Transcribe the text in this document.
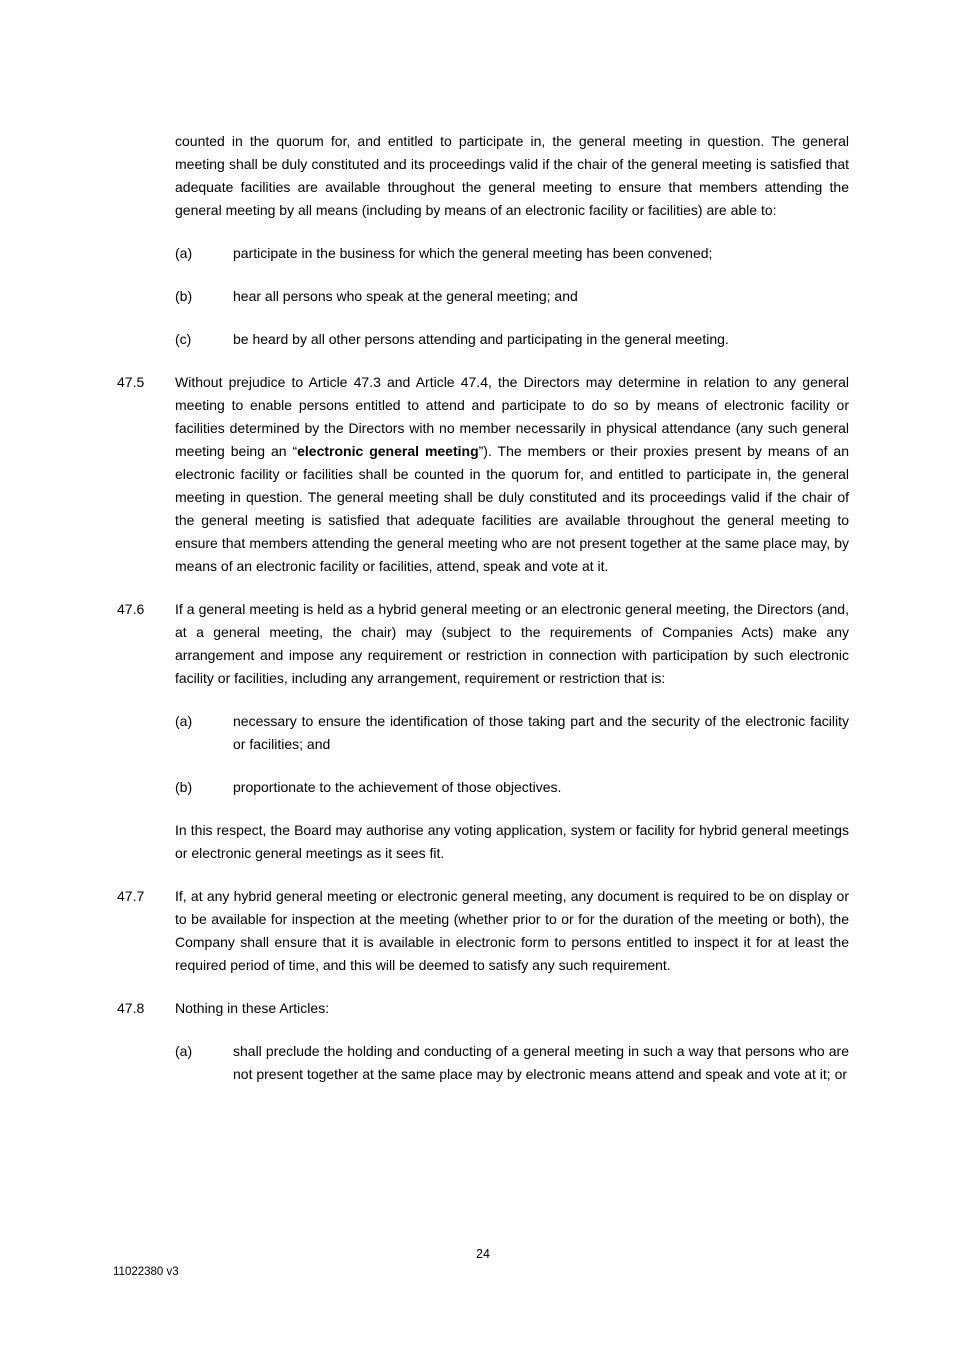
counted in the quorum for, and entitled to participate in, the general meeting in question. The general meeting shall be duly constituted and its proceedings valid if the chair of the general meeting is satisfied that adequate facilities are available throughout the general meeting to ensure that members attending the general meeting by all means (including by means of an electronic facility or facilities) are able to:
(a)	participate in the business for which the general meeting has been convened;
(b)	hear all persons who speak at the general meeting; and
(c)	be heard by all other persons attending and participating in the general meeting.
47.5	Without prejudice to Article 47.3 and Article 47.4, the Directors may determine in relation to any general meeting to enable persons entitled to attend and participate to do so by means of electronic facility or facilities determined by the Directors with no member necessarily in physical attendance (any such general meeting being an “electronic general meeting”). The members or their proxies present by means of an electronic facility or facilities shall be counted in the quorum for, and entitled to participate in, the general meeting in question. The general meeting shall be duly constituted and its proceedings valid if the chair of the general meeting is satisfied that adequate facilities are available throughout the general meeting to ensure that members attending the general meeting who are not present together at the same place may, by means of an electronic facility or facilities, attend, speak and vote at it.
47.6	If a general meeting is held as a hybrid general meeting or an electronic general meeting, the Directors (and, at a general meeting, the chair) may (subject to the requirements of Companies Acts) make any arrangement and impose any requirement or restriction in connection with participation by such electronic facility or facilities, including any arrangement, requirement or restriction that is:
(a)	necessary to ensure the identification of those taking part and the security of the electronic facility or facilities; and
(b)	proportionate to the achievement of those objectives.
In this respect, the Board may authorise any voting application, system or facility for hybrid general meetings or electronic general meetings as it sees fit.
47.7	If, at any hybrid general meeting or electronic general meeting, any document is required to be on display or to be available for inspection at the meeting (whether prior to or for the duration of the meeting or both), the Company shall ensure that it is available in electronic form to persons entitled to inspect it for at least the required period of time, and this will be deemed to satisfy any such requirement.
47.8	Nothing in these Articles:
(a)	shall preclude the holding and conducting of a general meeting in such a way that persons who are not present together at the same place may by electronic means attend and speak and vote at it; or
24
11022380 v3
